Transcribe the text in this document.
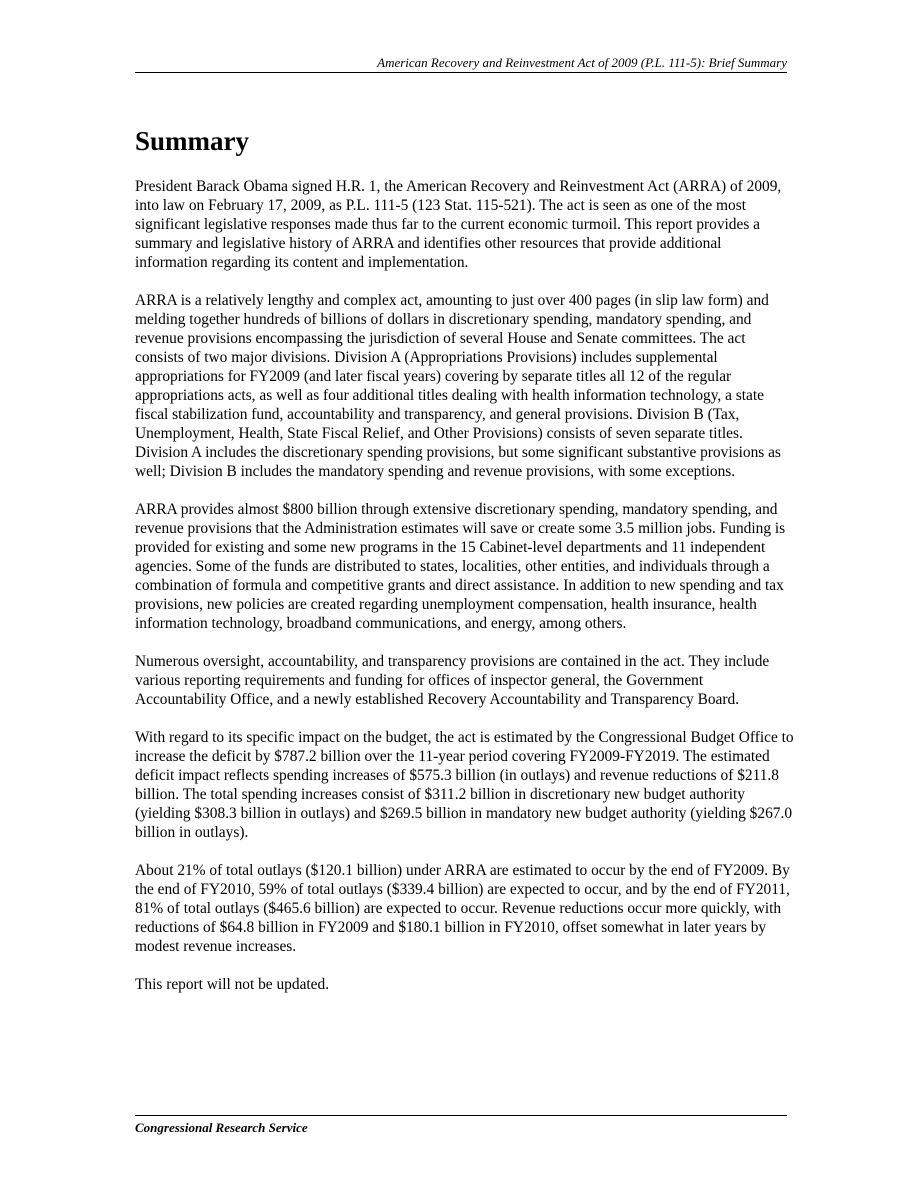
American Recovery and Reinvestment Act of 2009 (P.L. 111-5): Brief Summary
Summary

President Barack Obama signed H.R. 1, the American Recovery and Reinvestment Act (ARRA) of 2009, into law on February 17, 2009, as P.L. 111-5 (123 Stat. 115-521). The act is seen as one of the most significant legislative responses made thus far to the current economic turmoil. This report provides a summary and legislative history of ARRA and identifies other resources that provide additional information regarding its content and implementation.

ARRA is a relatively lengthy and complex act, amounting to just over 400 pages (in slip law form) and melding together hundreds of billions of dollars in discretionary spending, mandatory spending, and revenue provisions encompassing the jurisdiction of several House and Senate committees. The act consists of two major divisions. Division A (Appropriations Provisions) includes supplemental appropriations for FY2009 (and later fiscal years) covering by separate titles all 12 of the regular appropriations acts, as well as four additional titles dealing with health information technology, a state fiscal stabilization fund, accountability and transparency, and general provisions. Division B (Tax, Unemployment, Health, State Fiscal Relief, and Other Provisions) consists of seven separate titles. Division A includes the discretionary spending provisions, but some significant substantive provisions as well; Division B includes the mandatory spending and revenue provisions, with some exceptions.

ARRA provides almost $800 billion through extensive discretionary spending, mandatory spending, and revenue provisions that the Administration estimates will save or create some 3.5 million jobs. Funding is provided for existing and some new programs in the 15 Cabinet-level departments and 11 independent agencies. Some of the funds are distributed to states, localities, other entities, and individuals through a combination of formula and competitive grants and direct assistance. In addition to new spending and tax provisions, new policies are created regarding unemployment compensation, health insurance, health information technology, broadband communications, and energy, among others.

Numerous oversight, accountability, and transparency provisions are contained in the act. They include various reporting requirements and funding for offices of inspector general, the Government Accountability Office, and a newly established Recovery Accountability and Transparency Board.

With regard to its specific impact on the budget, the act is estimated by the Congressional Budget Office to increase the deficit by $787.2 billion over the 11-year period covering FY2009-FY2019. The estimated deficit impact reflects spending increases of $575.3 billion (in outlays) and revenue reductions of $211.8 billion. The total spending increases consist of $311.2 billion in discretionary new budget authority (yielding $308.3 billion in outlays) and $269.5 billion in mandatory new budget authority (yielding $267.0 billion in outlays).

About 21% of total outlays ($120.1 billion) under ARRA are estimated to occur by the end of FY2009. By the end of FY2010, 59% of total outlays ($339.4 billion) are expected to occur, and by the end of FY2011, 81% of total outlays ($465.6 billion) are expected to occur. Revenue reductions occur more quickly, with reductions of $64.8 billion in FY2009 and $180.1 billion in FY2010, offset somewhat in later years by modest revenue increases.

This report will not be updated.

Congressional Research Service
